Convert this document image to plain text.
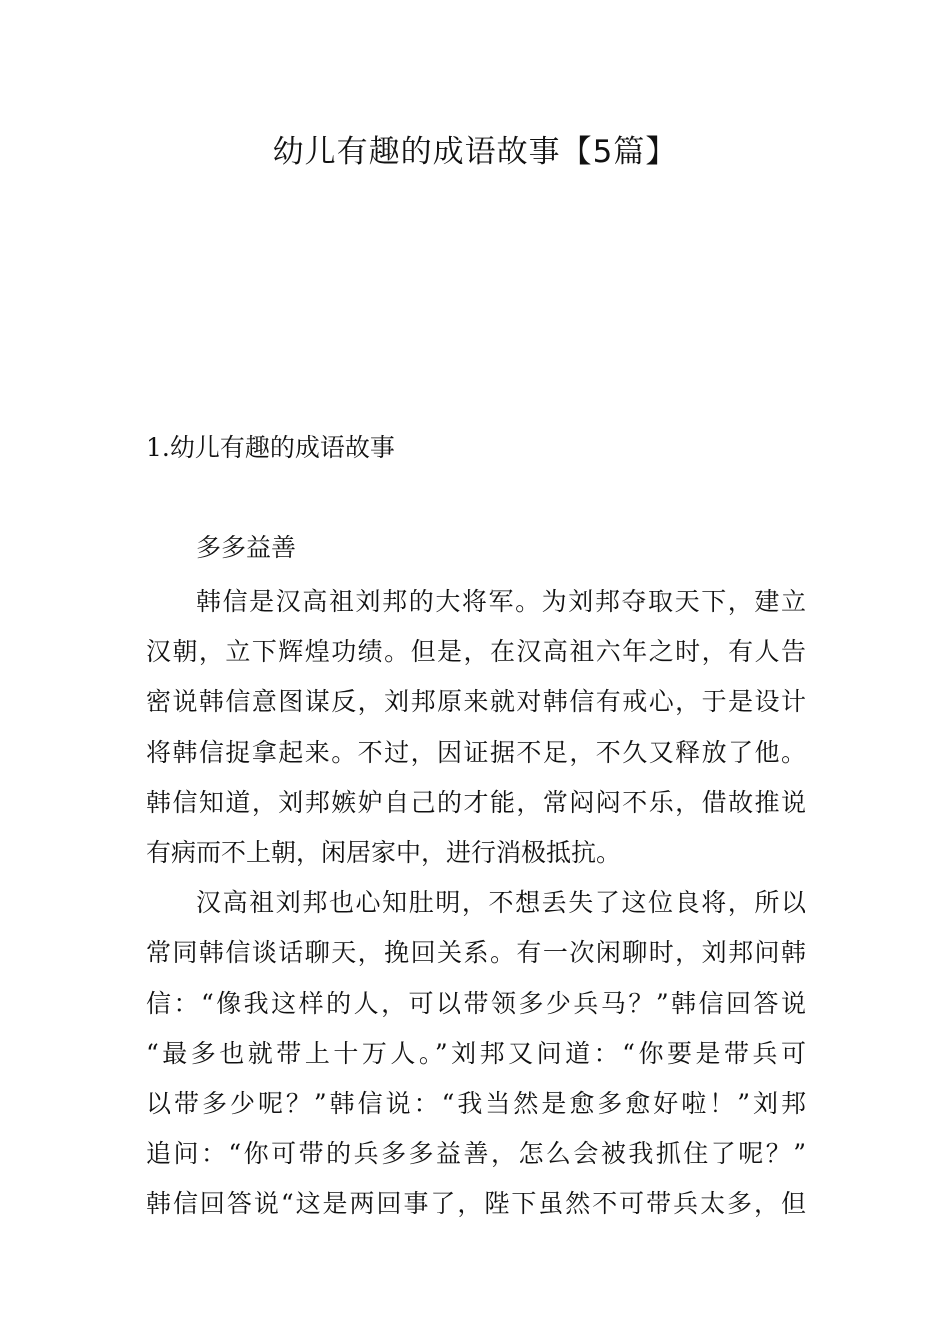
幼儿有趣的成语故事【5篇】
1.幼儿有趣的成语故事
多多益善
韩信是汉高祖刘邦的大将军。为刘邦夺取天下，建立
汉朝，立下辉煌功绩。但是，在汉高祖六年之时，有人告
密说韩信意图谋反，刘邦原来就对韩信有戒心，于是设计
将韩信捉拿起来。不过，因证据不足，不久又释放了他。
韩信知道，刘邦嫉妒自己的才能，常闷闷不乐，借故推说
有病而不上朝，闲居家中，进行消极抵抗。
汉高祖刘邦也心知肚明，不想丢失了这位良将，所以
常同韩信谈话聊天，挽回关系。有一次闲聊时，刘邦问韩
信：“像我这样的人，可以带领多少兵马？”韩信回答说
“最多也就带上十万人。”刘邦又问道：“你要是带兵可
以带多少呢？”韩信说：“我当然是愈多愈好啦！”刘邦
追问：“你可带的兵多多益善，怎么会被我抓住了呢？”
韩信回答说“这是两回事了，陛下虽然不可带兵太多，但
